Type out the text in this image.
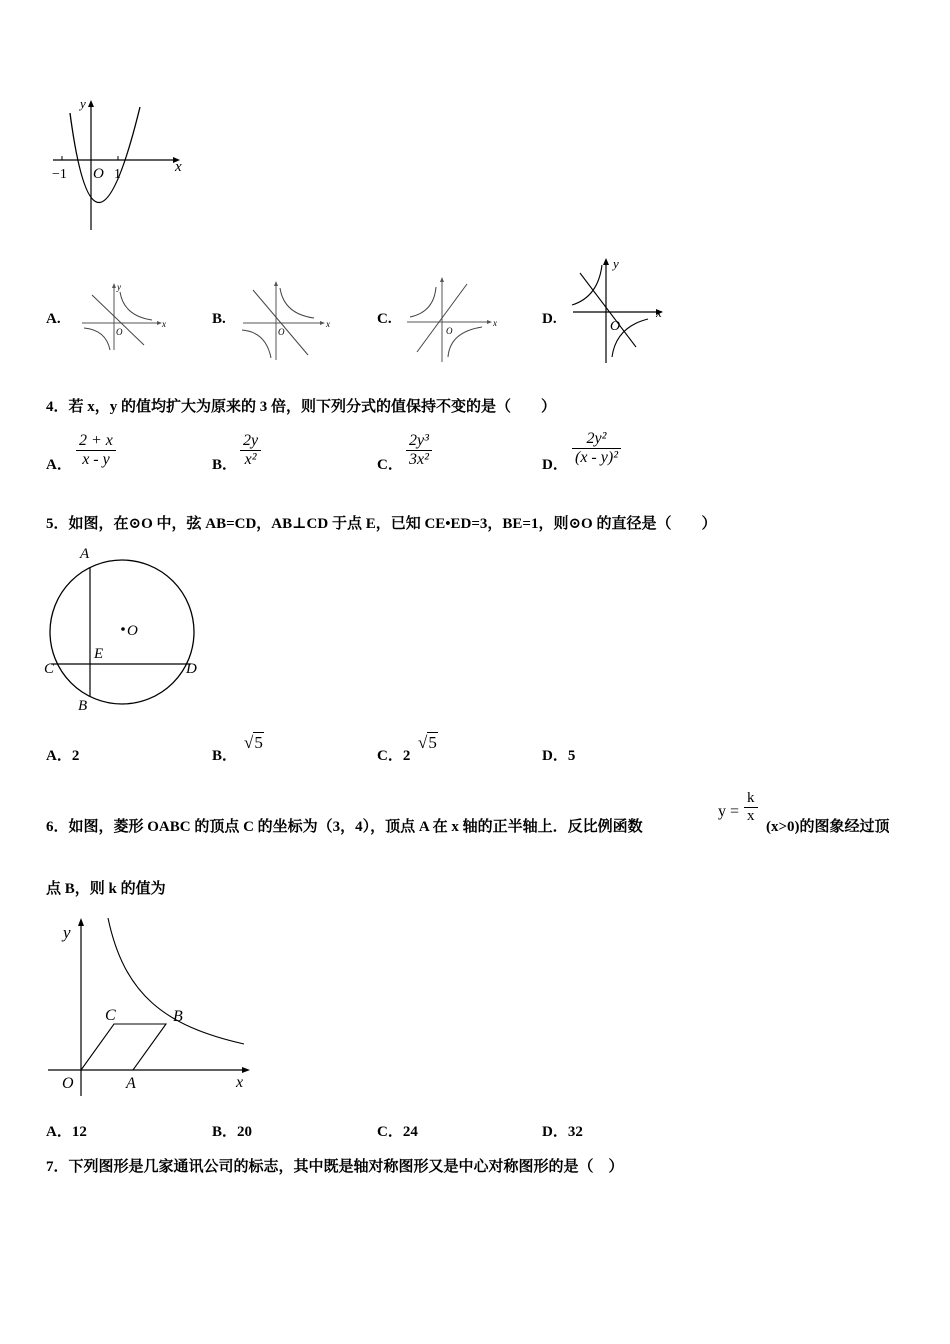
x
y
O
−1	1
A.	x
y
O
B.	x
O
C.	x
O
D.	x
y
O
4．若 x，y 的值均扩大为原来的 3 倍，则下列分式的值保持不变的是（　　）
A．
2 + x
x - y	B．
2y
x²	C．
2y³
3x²	D．
2y²
(x - y)²
5．如图，在⊙O 中，弦 AB=CD，AB⊥CD 于点 E，已知 CE•ED=3，BE=1，则⊙O 的直径是（　　）
A
O
E
C	D
B
A．2	B．
√5
C．2
√5
D．5
6．如图，菱形 OABC 的顶点 C 的坐标为（3，4），顶点 A 在 x 轴的正半轴上．反比例函数
y =
k
x
(x>0)的图象经过顶
点 B，则 k 的值为
y
x
O	A
C	B
A．12	B．20	C．24	D．32
7．下列图形是几家通讯公司的标志，其中既是轴对称图形又是中心对称图形的是（　）
